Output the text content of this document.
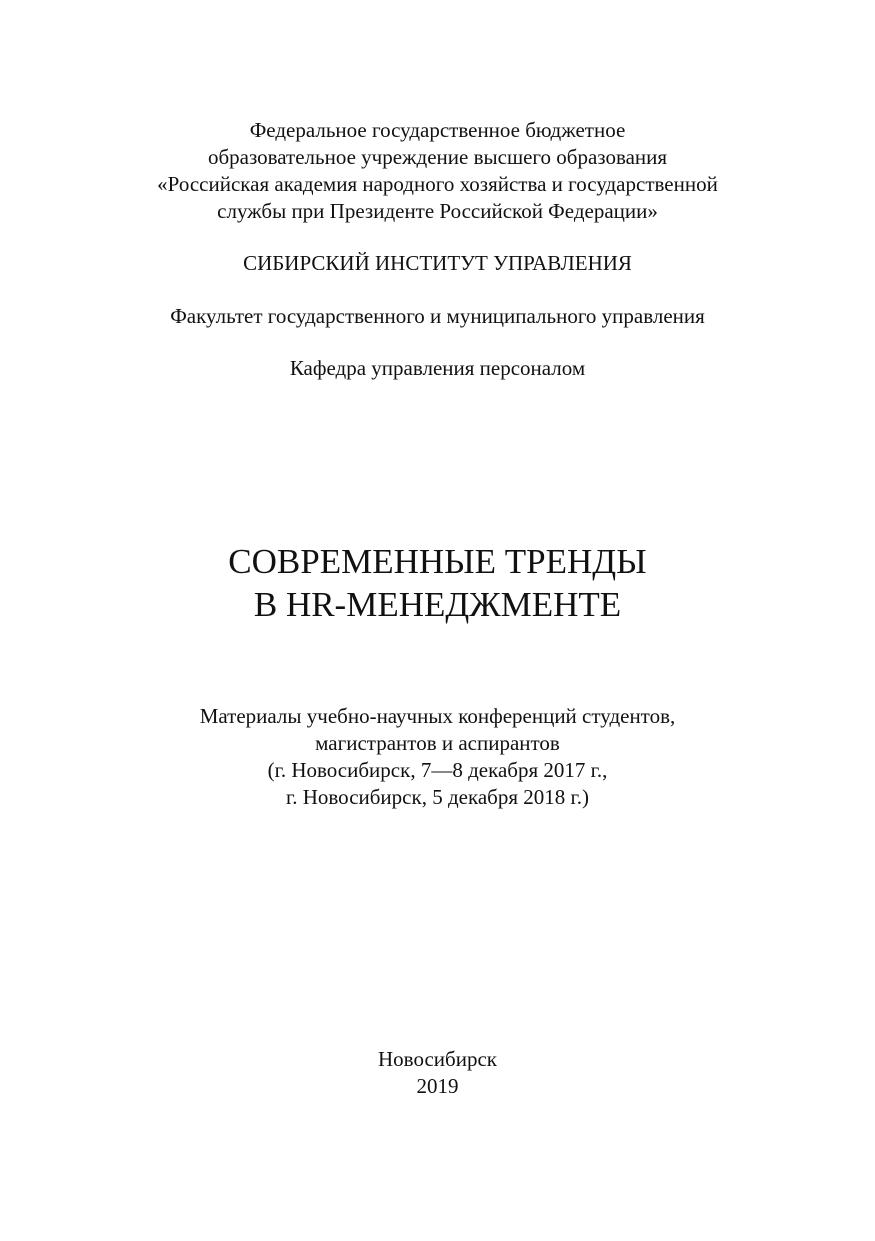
Федеральное государственное бюджетное
образовательное учреждение высшего образования
«Российская академия народного хозяйства и государственной
службы при Президенте Российской Федерации»
СИБИРСКИЙ ИНСТИТУТ УПРАВЛЕНИЯ
Факультет государственного и муниципального управления
Кафедра управления персоналом
СОВРЕМЕННЫЕ ТРЕНДЫ
В HR-МЕНЕДЖМЕНТЕ
Материалы учебно-научных конференций студентов,
магистрантов и аспирантов
(г. Новосибирск, 7—8 декабря 2017 г.,
г. Новосибирск, 5 декабря 2018 г.)
Новосибирск
2019
